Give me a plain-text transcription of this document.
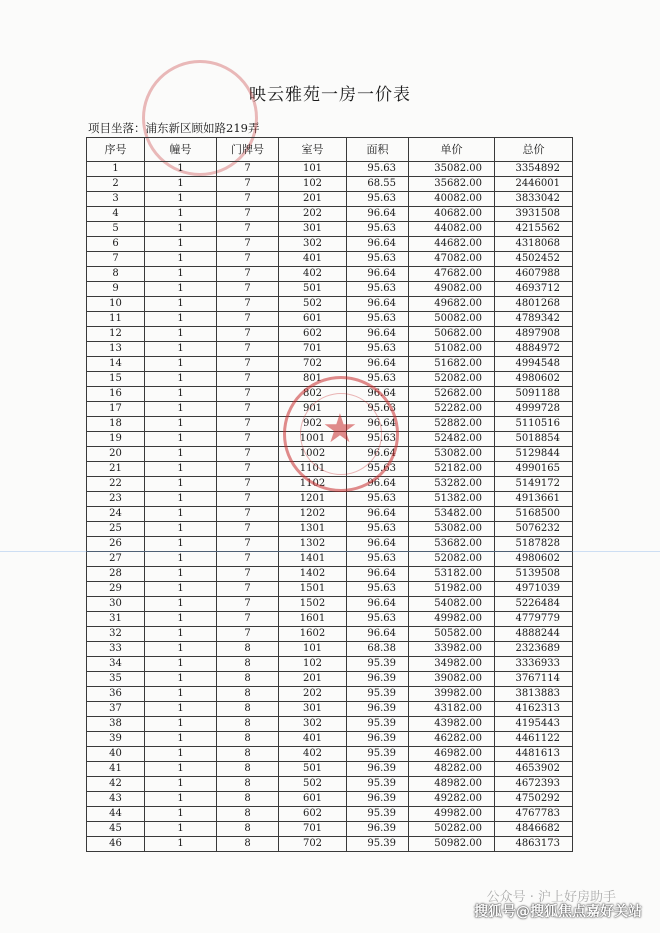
映云雅苑一房一价表
项目坐落：浦东新区顾如路219弄
序号	幢号	门牌号	室号	面积	单价	总价
1	1	7	101	95.63	35082.00	3354892
2	1	7	102	68.55	35682.00	2446001
3	1	7	201	95.63	40082.00	3833042
4	1	7	202	96.64	40682.00	3931508
5	1	7	301	95.63	44082.00	4215562
6	1	7	302	96.64	44682.00	4318068
7	1	7	401	95.63	47082.00	4502452
8	1	7	402	96.64	47682.00	4607988
9	1	7	501	95.63	49082.00	4693712
10	1	7	502	96.64	49682.00	4801268
11	1	7	601	95.63	50082.00	4789342
12	1	7	602	96.64	50682.00	4897908
13	1	7	701	95.63	51082.00	4884972
14	1	7	702	96.64	51682.00	4994548
15	1	7	801	95.63	52082.00	4980602
16	1	7	802	96.64	52682.00	5091188
17	1	7	901	95.63	52282.00	4999728
18	1	7	902	96.64	52882.00	5110516
19	1	7	1001	95.63	52482.00	5018854
20	1	7	1002	96.64	53082.00	5129844
21	1	7	1101	95.63	52182.00	4990165
22	1	7	1102	96.64	53282.00	5149172
23	1	7	1201	95.63	51382.00	4913661
24	1	7	1202	96.64	53482.00	5168500
25	1	7	1301	95.63	53082.00	5076232
26	1	7	1302	96.64	53682.00	5187828
27	1	7	1401	95.63	52082.00	4980602
28	1	7	1402	96.64	53182.00	5139508
29	1	7	1501	95.63	51982.00	4971039
30	1	7	1502	96.64	54082.00	5226484
31	1	7	1601	95.63	49982.00	4779779
32	1	7	1602	96.64	50582.00	4888244
33	1	8	101	68.38	33982.00	2323689
34	1	8	102	95.39	34982.00	3336933
35	1	8	201	96.39	39082.00	3767114
36	1	8	202	95.39	39982.00	3813883
37	1	8	301	96.39	43182.00	4162313
38	1	8	302	95.39	43982.00	4195443
39	1	8	401	96.39	46282.00	4461122
40	1	8	402	95.39	46982.00	4481613
41	1	8	501	96.39	48282.00	4653902
42	1	8	502	95.39	48982.00	4672393
43	1	8	601	96.39	49282.00	4750292
44	1	8	602	95.39	49982.00	4767783
45	1	8	701	96.39	50282.00	4846682
46	1	8	702	95.39	50982.00	4863173
★
公众号 · 沪上好房助手
搜狐号@搜狐焦点嘉好关站
